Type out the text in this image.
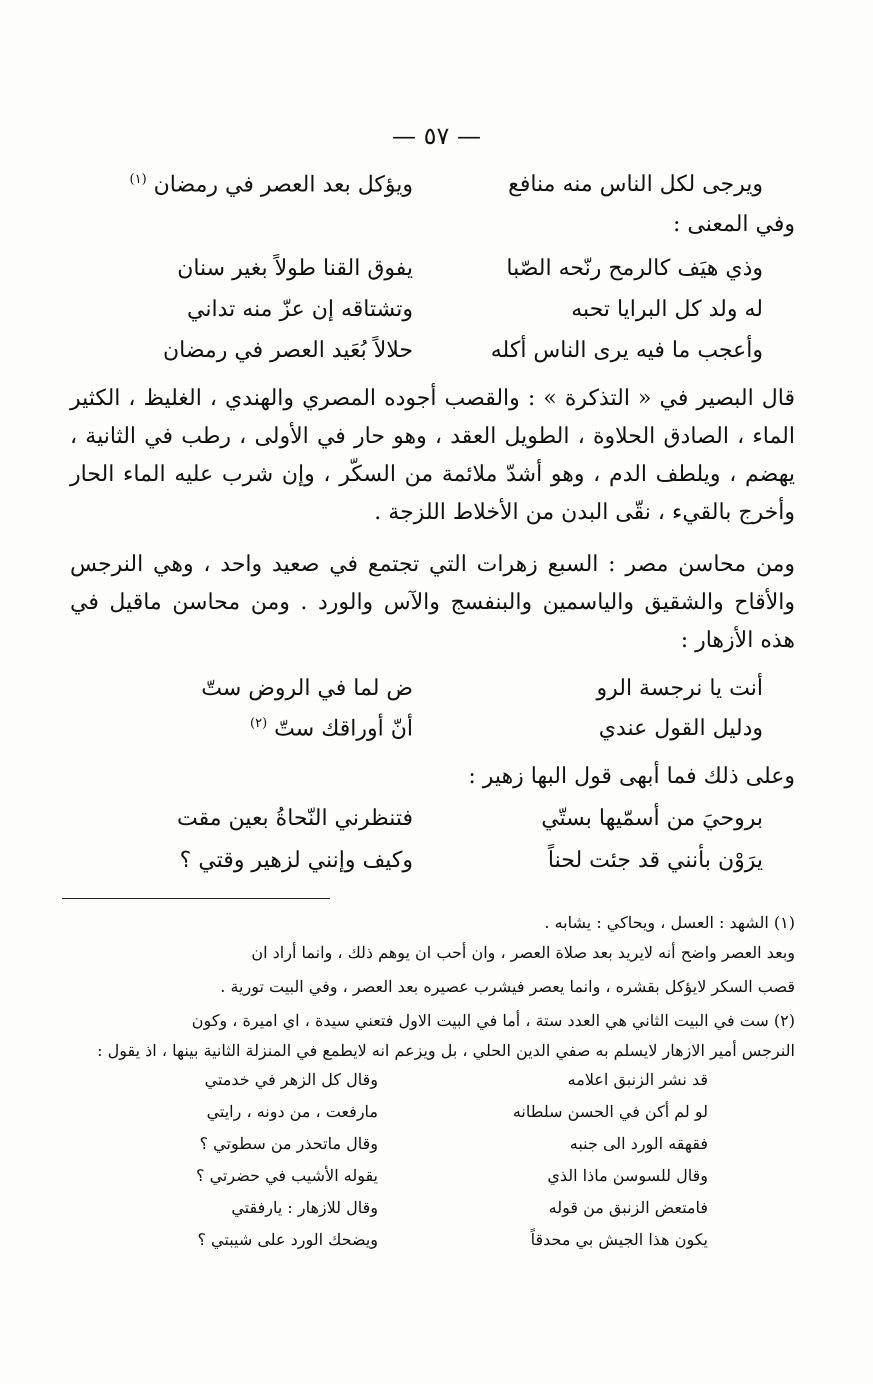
— ٥٧ —
ويرجى لكل الناس منه منافع
ويؤكل بعد العصر في رمضان $^{(١)}$
وفي المعنى :
وذي هيَف كالرمح رنّحه الصّبا
يفوق القنا طولاً بغير سنان
له ولد كل البرايا تحبه
وتشتاقه إن عزّ منه تداني
وأعجب ما فيه يرى الناس أكله
حلالاً بُعَيد العصر في رمضان
قال البصير في « التذكرة » : والقصب أجوده المصري والهندي ، الغليظ ، الكثير الماء ، الصادق الحلاوة ، الطويل العقد ، وهو حار في الأولى ، رطب في الثانية ، يهضم ، ويلطف الدم ، وهو أشدّ ملائمة من السكّر ، وإن شرب عليه الماء الحار وأخرج بالقيء ، نقّى البدن من الأخلاط اللزجة .
ومن محاسن مصر : السبع زهرات التي تجتمع في صعيد واحد ، وهي النرجس والأقاح والشقيق والياسمين والبنفسج والآس والورد . ومن محاسن ماقيل في هذه الأزهار :
أنت يا نرجسة الرو
ض لما في الروض ستّ
ودليل القول عندي
أنّ أوراقك ستّ $^{(٢)}$
وعلى ذلك فما أبهى قول البها زهير :
بروحيَ من أسمّيها بستّي
فتنظرني النّحاةُ بعين مقت
يرَوْن بأنني قد جئت لحناً
وكيف وإنني لزهير وقتي ؟
(١) الشهد : العسل ، ويحاكي : يشابه .
وبعد العصر واضح أنه لايريد بعد صلاة العصر ، وان أحب ان يوهم ذلك ، وانما أراد ان
قصب السكر لايؤكل بقشره ، وانما يعصر فيشرب عصيره بعد العصر ، وفي البيت تورية .
(٢) ست في البيت الثاني هي العدد ستة ، أما في البيت الاول فتعني سيدة ، اي اميرة ، وكون
النرجس أمير الازهار لايسلم به صفي الدين الحلي ، بل ويزعم انه لايطمع في المنزلة الثانية بينها ، اذ يقول :
قد نشر الزنبق اعلامه
وقال كل الزهر في خدمتي
لو لم أكن في الحسن سلطانه
مارفعت ، من دونه ، رايتي
فقهقه الورد الى جنبه
وقال ماتحذر من سطوتي ؟
وقال للسوسن ماذا الذي
يقوله الأشيب في حضرتي ؟
فامتعض الزنبق من قوله
وقال للازهار : يارفقتي
يكون هذا الجيش بي محدقاً
ويضحك الورد على شيبتي ؟
